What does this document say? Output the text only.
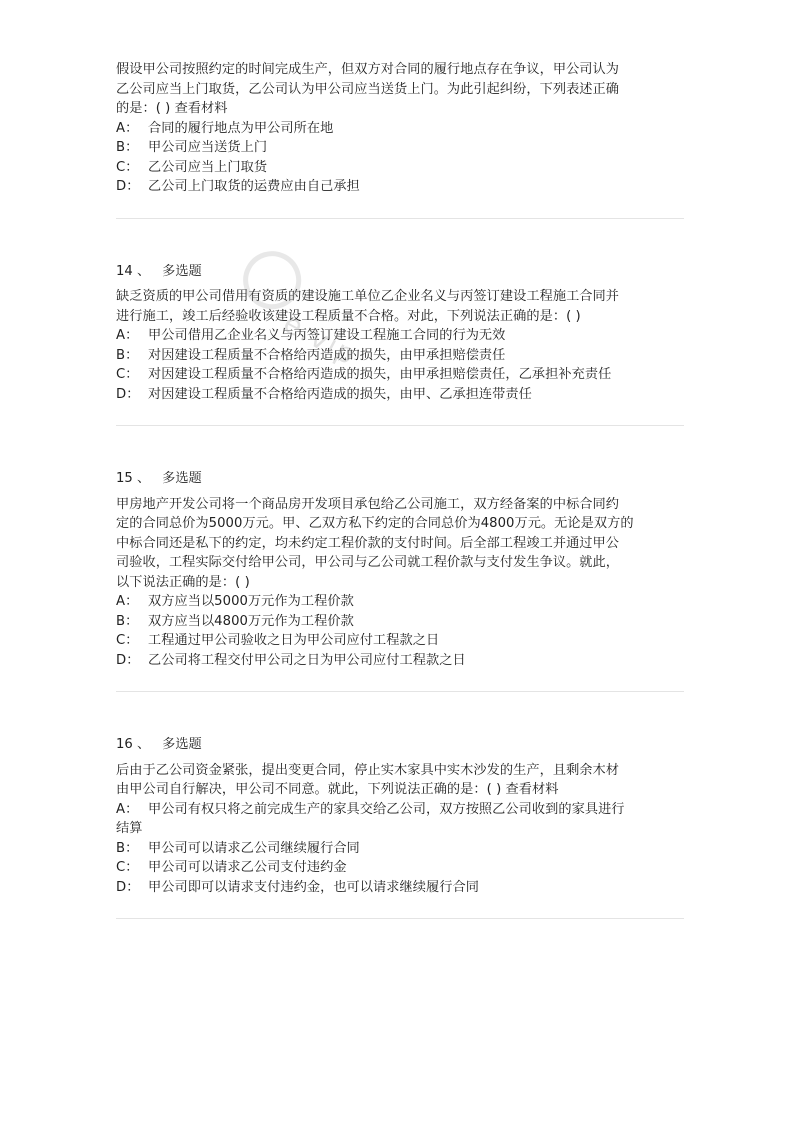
假设甲公司按照约定的时间完成生产，但双方对合同的履行地点存在争议，甲公司认为
乙公司应当上门取货，乙公司认为甲公司应当送货上门。为此引起纠纷，下列表述正确
的是：( ) 查看材料
A： 合同的履行地点为甲公司所在地
B： 甲公司应当送货上门
C： 乙公司应当上门取货
D： 乙公司上门取货的运费应由自己承担
14 、 多选题
缺乏资质的甲公司借用有资质的建设施工单位乙企业名义与丙签订建设工程施工合同并
进行施工，竣工后经验收该建设工程质量不合格。对此，下列说法正确的是：( )
A： 甲公司借用乙企业名义与丙签订建设工程施工合同的行为无效
B： 对因建设工程质量不合格给丙造成的损失，由甲承担赔偿责任
C： 对因建设工程质量不合格给丙造成的损失，由甲承担赔偿责任，乙承担补充责任
D： 对因建设工程质量不合格给丙造成的损失，由甲、乙承担连带责任
15 、 多选题
甲房地产开发公司将一个商品房开发项目承包给乙公司施工，双方经备案的中标合同约
定的合同总价为5000万元。甲、乙双方私下约定的合同总价为4800万元。无论是双方的
中标合同还是私下的约定，均未约定工程价款的支付时间。后全部工程竣工并通过甲公
司验收，工程实际交付给甲公司，甲公司与乙公司就工程价款与支付发生争议。就此，
以下说法正确的是：( )
A： 双方应当以5000万元作为工程价款
B： 双方应当以4800万元作为工程价款
C： 工程通过甲公司验收之日为甲公司应付工程款之日
D： 乙公司将工程交付甲公司之日为甲公司应付工程款之日
16 、 多选题
后由于乙公司资金紧张，提出变更合同，停止实木家具中实木沙发的生产，且剩余木材
由甲公司自行解决，甲公司不同意。就此，下列说法正确的是：( ) 查看材料
A： 甲公司有权只将之前完成生产的家具交给乙公司，双方按照乙公司收到的家具进行
结算
B： 甲公司可以请求乙公司继续履行合同
C： 甲公司可以请求乙公司支付违约金
D： 甲公司即可以请求支付违约金，也可以请求继续履行合同
e.vip
